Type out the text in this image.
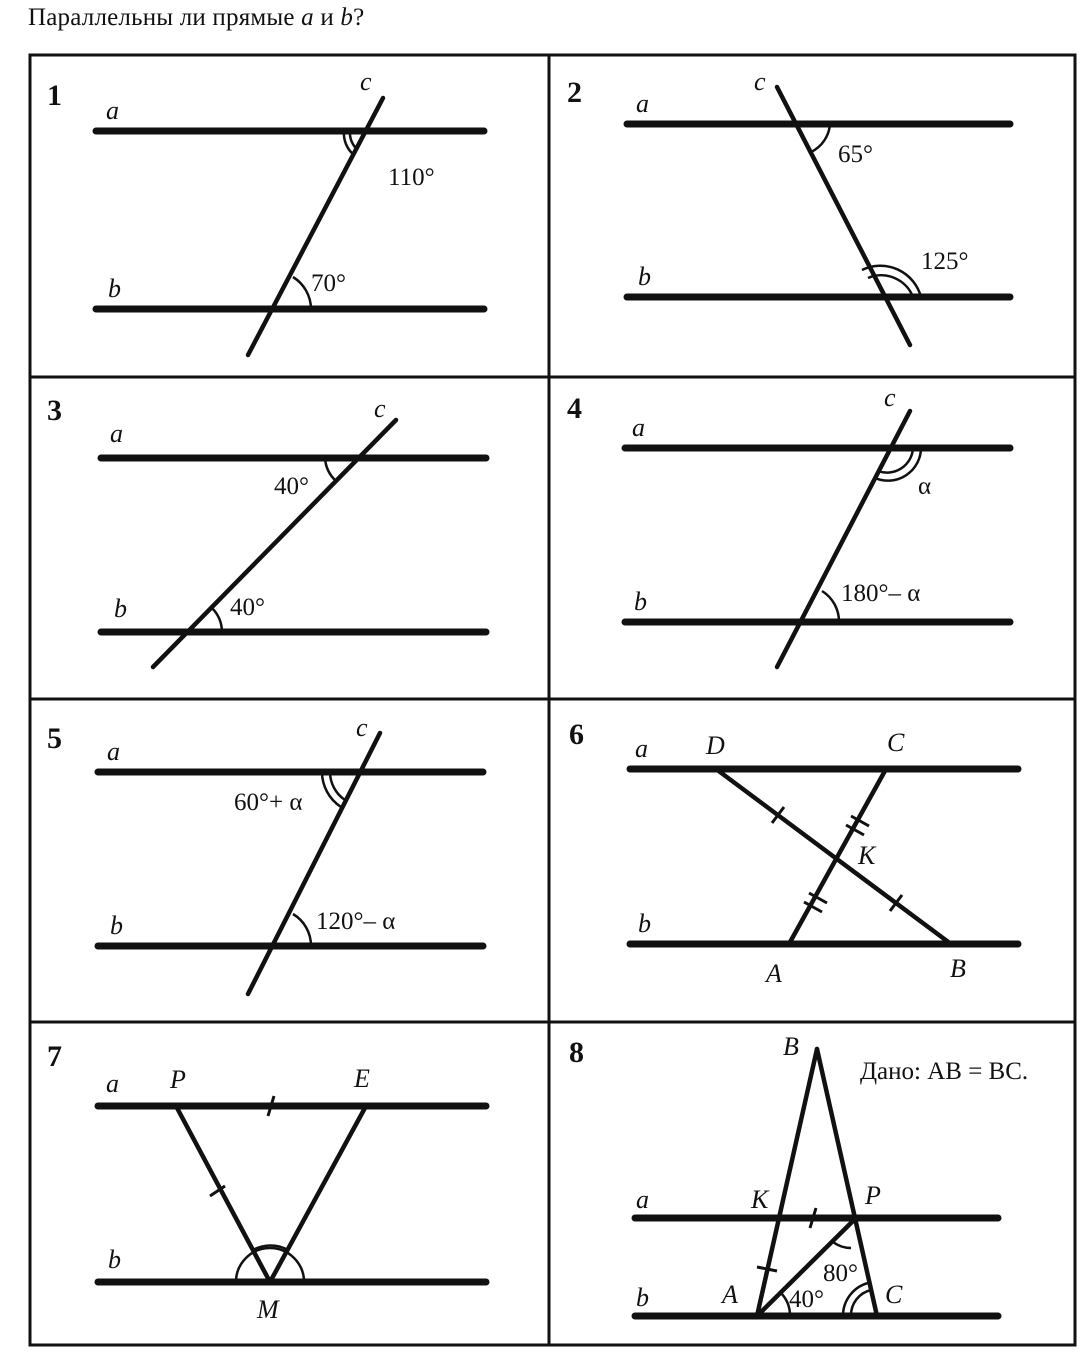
Параллельны ли прямые a и b?
1 a
b
c
110°
70°
2 a
b
c
65°
125°
3
a
b
c
40°
40°
4
a
b
c
α
180°– α
5 a
b
c
60°+ α
120°– α
6 a
b
D	C
K
A	B
7
a
b
P	E
M
8
Дано: AB = BC.
B
K	P
A	C
a
b	40°
80°
